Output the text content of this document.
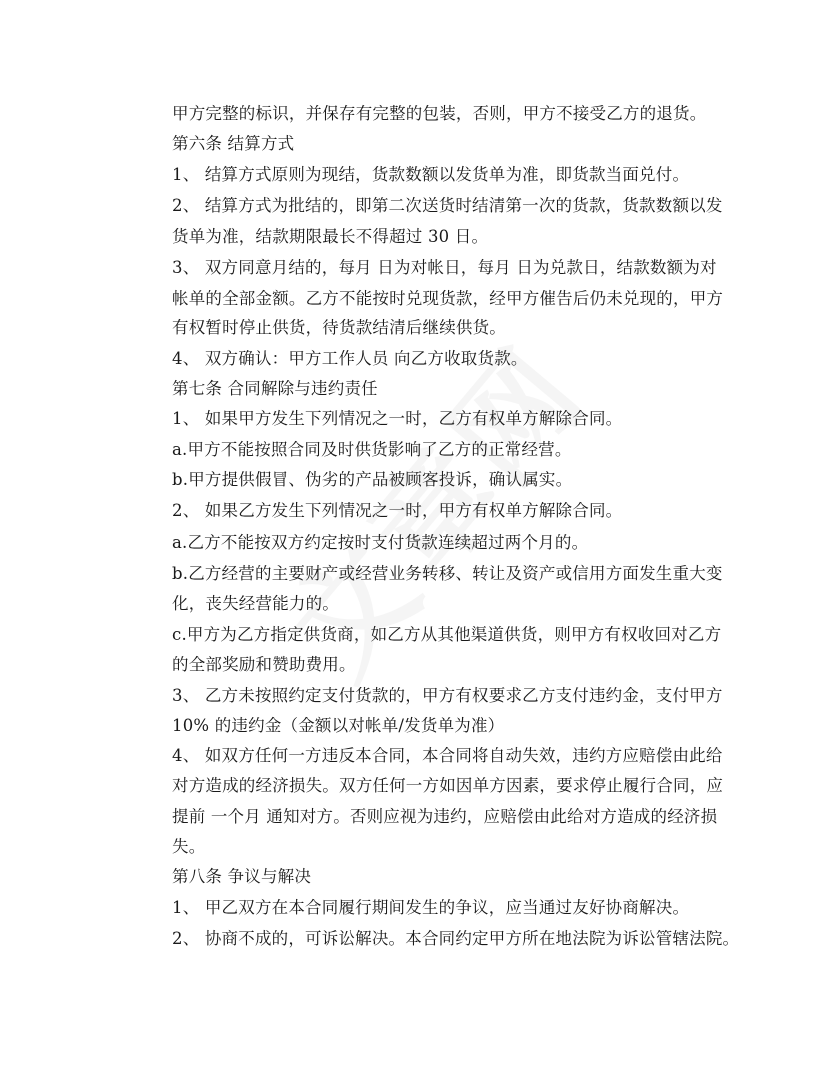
甲方完整的标识，并保存有完整的包装，否则，甲方不接受乙方的退货。
第六条 结算方式
1、 结算方式原则为现结，货款数额以发货单为准，即货款当面兑付。
2、 结算方式为批结的，即第二次送货时结清第一次的货款，货款数额以发
货单为准，结款期限最长不得超过 30 日。
3、 双方同意月结的，每月 日为对帐日，每月 日为兑款日，结款数额为对
帐单的全部金额。乙方不能按时兑现货款，经甲方催告后仍未兑现的，甲方
有权暂时停止供货，待货款结清后继续供货。
4、 双方确认：甲方工作人员 向乙方收取货款。
第七条 合同解除与违约责任
1、 如果甲方发生下列情况之一时，乙方有权单方解除合同。
a.甲方不能按照合同及时供货影响了乙方的正常经营。
b.甲方提供假冒、伪劣的产品被顾客投诉，确认属实。
2、 如果乙方发生下列情况之一时，甲方有权单方解除合同。
a.乙方不能按双方约定按时支付货款连续超过两个月的。
b.乙方经营的主要财产或经营业务转移、转让及资产或信用方面发生重大变
化，丧失经营能力的。
c.甲方为乙方指定供货商，如乙方从其他渠道供货，则甲方有权收回对乙方
的全部奖励和赞助费用。
3、 乙方未按照约定支付货款的，甲方有权要求乙方支付违约金，支付甲方
10% 的违约金（金额以对帐单/发货单为准）
4、 如双方任何一方违反本合同，本合同将自动失效，违约方应赔偿由此给
对方造成的经济损失。双方任何一方如因单方因素，要求停止履行合同，应
提前 一个月 通知对方。否则应视为违约，应赔偿由此给对方造成的经济损
失。
第八条 争议与解决
1、 甲乙双方在本合同履行期间发生的争议，应当通过友好协商解决。
2、 协商不成的，可诉讼解决。本合同约定甲方所在地法院为诉讼管辖法院。
